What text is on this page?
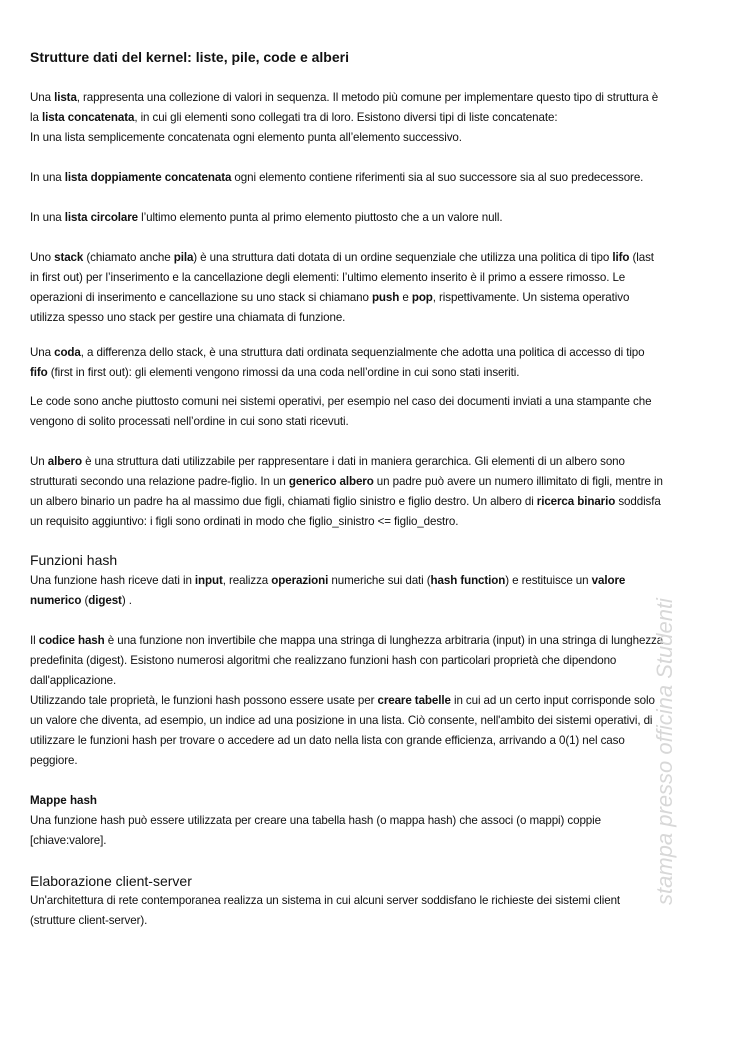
Strutture dati del kernel: liste, pile, code e alberi
Una lista, rappresenta una collezione di valori in sequenza. Il metodo più comune per implementare questo tipo di struttura è
la lista concatenata, in cui gli elementi sono collegati tra di loro. Esistono diversi tipi di liste concatenate:
In una lista semplicemente concatenata ogni elemento punta all’elemento successivo.
In una lista doppiamente concatenata ogni elemento contiene riferimenti sia al suo successore sia al suo predecessore.
In una lista circolare l’ultimo elemento punta al primo elemento piuttosto che a un valore null.
Uno stack (chiamato anche pila) è una struttura dati dotata di un ordine sequenziale che utilizza una politica di tipo lifo (last
in first out) per l’inserimento e la cancellazione degli elementi: l’ultimo elemento inserito è il primo a essere rimosso. Le
operazioni di inserimento e cancellazione su uno stack si chiamano push e pop, rispettivamente. Un sistema operativo
utilizza spesso uno stack per gestire una chiamata di funzione.
Una coda, a differenza dello stack, è una struttura dati ordinata sequenzialmente che adotta una politica di accesso di tipo
fifo (first in first out): gli elementi vengono rimossi da una coda nell’ordine in cui sono stati inseriti.
Le code sono anche piuttosto comuni nei sistemi operativi, per esempio nel caso dei documenti inviati a una stampante che
vengono di solito processati nell’ordine in cui sono stati ricevuti.
Un albero è una struttura dati utilizzabile per rappresentare i dati in maniera gerarchica. Gli elementi di un albero sono
strutturati secondo una relazione padre-figlio. In un generico albero un padre può avere un numero illimitato di figli, mentre in
un albero binario un padre ha al massimo due figli, chiamati figlio sinistro e figlio destro. Un albero di ricerca binario soddisfa
un requisito aggiuntivo: i figli sono ordinati in modo che figlio_sinistro <= figlio_destro.
Funzioni hash
Una funzione hash riceve dati in input, realizza operazioni numeriche sui dati (hash function) e restituisce un valore
numerico (digest) .
Il codice hash è una funzione non invertibile che mappa una stringa di lunghezza arbitraria (input) in una stringa di lunghezza
predefinita (digest). Esistono numerosi algoritmi che realizzano funzioni hash con particolari proprietà che dipendono
dall'applicazione.
Utilizzando tale proprietà, le funzioni hash possono essere usate per creare tabelle in cui ad un certo input corrisponde solo
un valore che diventa, ad esempio, un indice ad una posizione in una lista. Ciò consente, nell'ambito dei sistemi operativi, di
utilizzare le funzioni hash per trovare o accedere ad un dato nella lista con grande efficienza, arrivando a 0(1) nel caso
peggiore.
Mappe hash
Una funzione hash può essere utilizzata per creare una tabella hash (o mappa hash) che associ (o mappi) coppie
[chiave:valore].
Elaborazione client-server
Un'architettura di rete contemporanea realizza un sistema in cui alcuni server soddisfano le richieste dei sistemi client
(strutture client-server).
stampa presso officina Studenti
